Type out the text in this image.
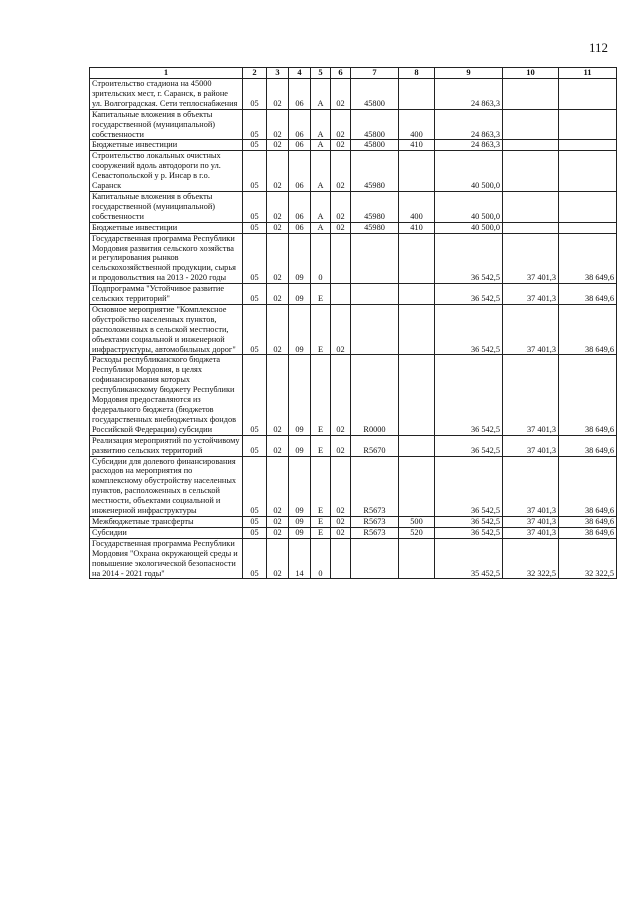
112
1	2	3	4	5	6	7	8	9	10	11
Строительство стадиона на 45000 зрительских мест, г. Саранск, в районе ул. Волгоградская. Сети теплоснабжения	05	02	06	А	02	45800		24 863,3		
Капитальные вложения в объекты государственной (муниципальной) собственности	05	02	06	А	02	45800	400	24 863,3		
Бюджетные инвестиции	05	02	06	А	02	45800	410	24 863,3		
Строительство локальных очистных сооружений вдоль автодороги по ул. Севастопольской у р. Инсар в г.о. Саранск	05	02	06	А	02	45980		40 500,0		
Капитальные вложения в объекты государственной (муниципальной) собственности	05	02	06	А	02	45980	400	40 500,0		
Бюджетные инвестиции	05	02	06	А	02	45980	410	40 500,0		
Государственная программа Республики Мордовия развития сельского хозяйства и регулирования рынков сельскохозяйственной продукции, сырья и продовольствия на 2013 - 2020 годы	05	02	09	0				36 542,5	37 401,3	38 649,6
Подпрограмма "Устойчивое развитие сельских территорий"	05	02	09	Е				36 542,5	37 401,3	38 649,6
Основное мероприятие "Комплексное обустройство населенных пунктов, расположенных в сельской местности, объектами социальной и инженерной инфраструктуры, автомобильных дорог"	05	02	09	Е	02			36 542,5	37 401,3	38 649,6
Расходы республиканского бюджета Республики Мордовия, в целях софинансирования которых республиканскому бюджету Республики Мордовия предоставляются из федерального бюджета (бюджетов государственных внебюджетных фондов Российской Федерации) субсидии	05	02	09	Е	02	R0000		36 542,5	37 401,3	38 649,6
Реализация мероприятий по устойчивому развитию сельских территорий	05	02	09	Е	02	R5670		36 542,5	37 401,3	38 649,6
Субсидии для долевого финансирования расходов на мероприятия по комплексному обустройству населенных пунктов, расположенных в сельской местности, объектами социальной и инженерной инфраструктуры	05	02	09	Е	02	R5673		36 542,5	37 401,3	38 649,6
Межбюджетные трансферты	05	02	09	Е	02	R5673	500	36 542,5	37 401,3	38 649,6
Субсидии	05	02	09	Е	02	R5673	520	36 542,5	37 401,3	38 649,6
Государственная программа Республики Мордовия "Охрана окружающей среды и повышение экологической безопасности на 2014 - 2021 годы"	05	02	14	0				35 452,5	32 322,5	32 322,5
